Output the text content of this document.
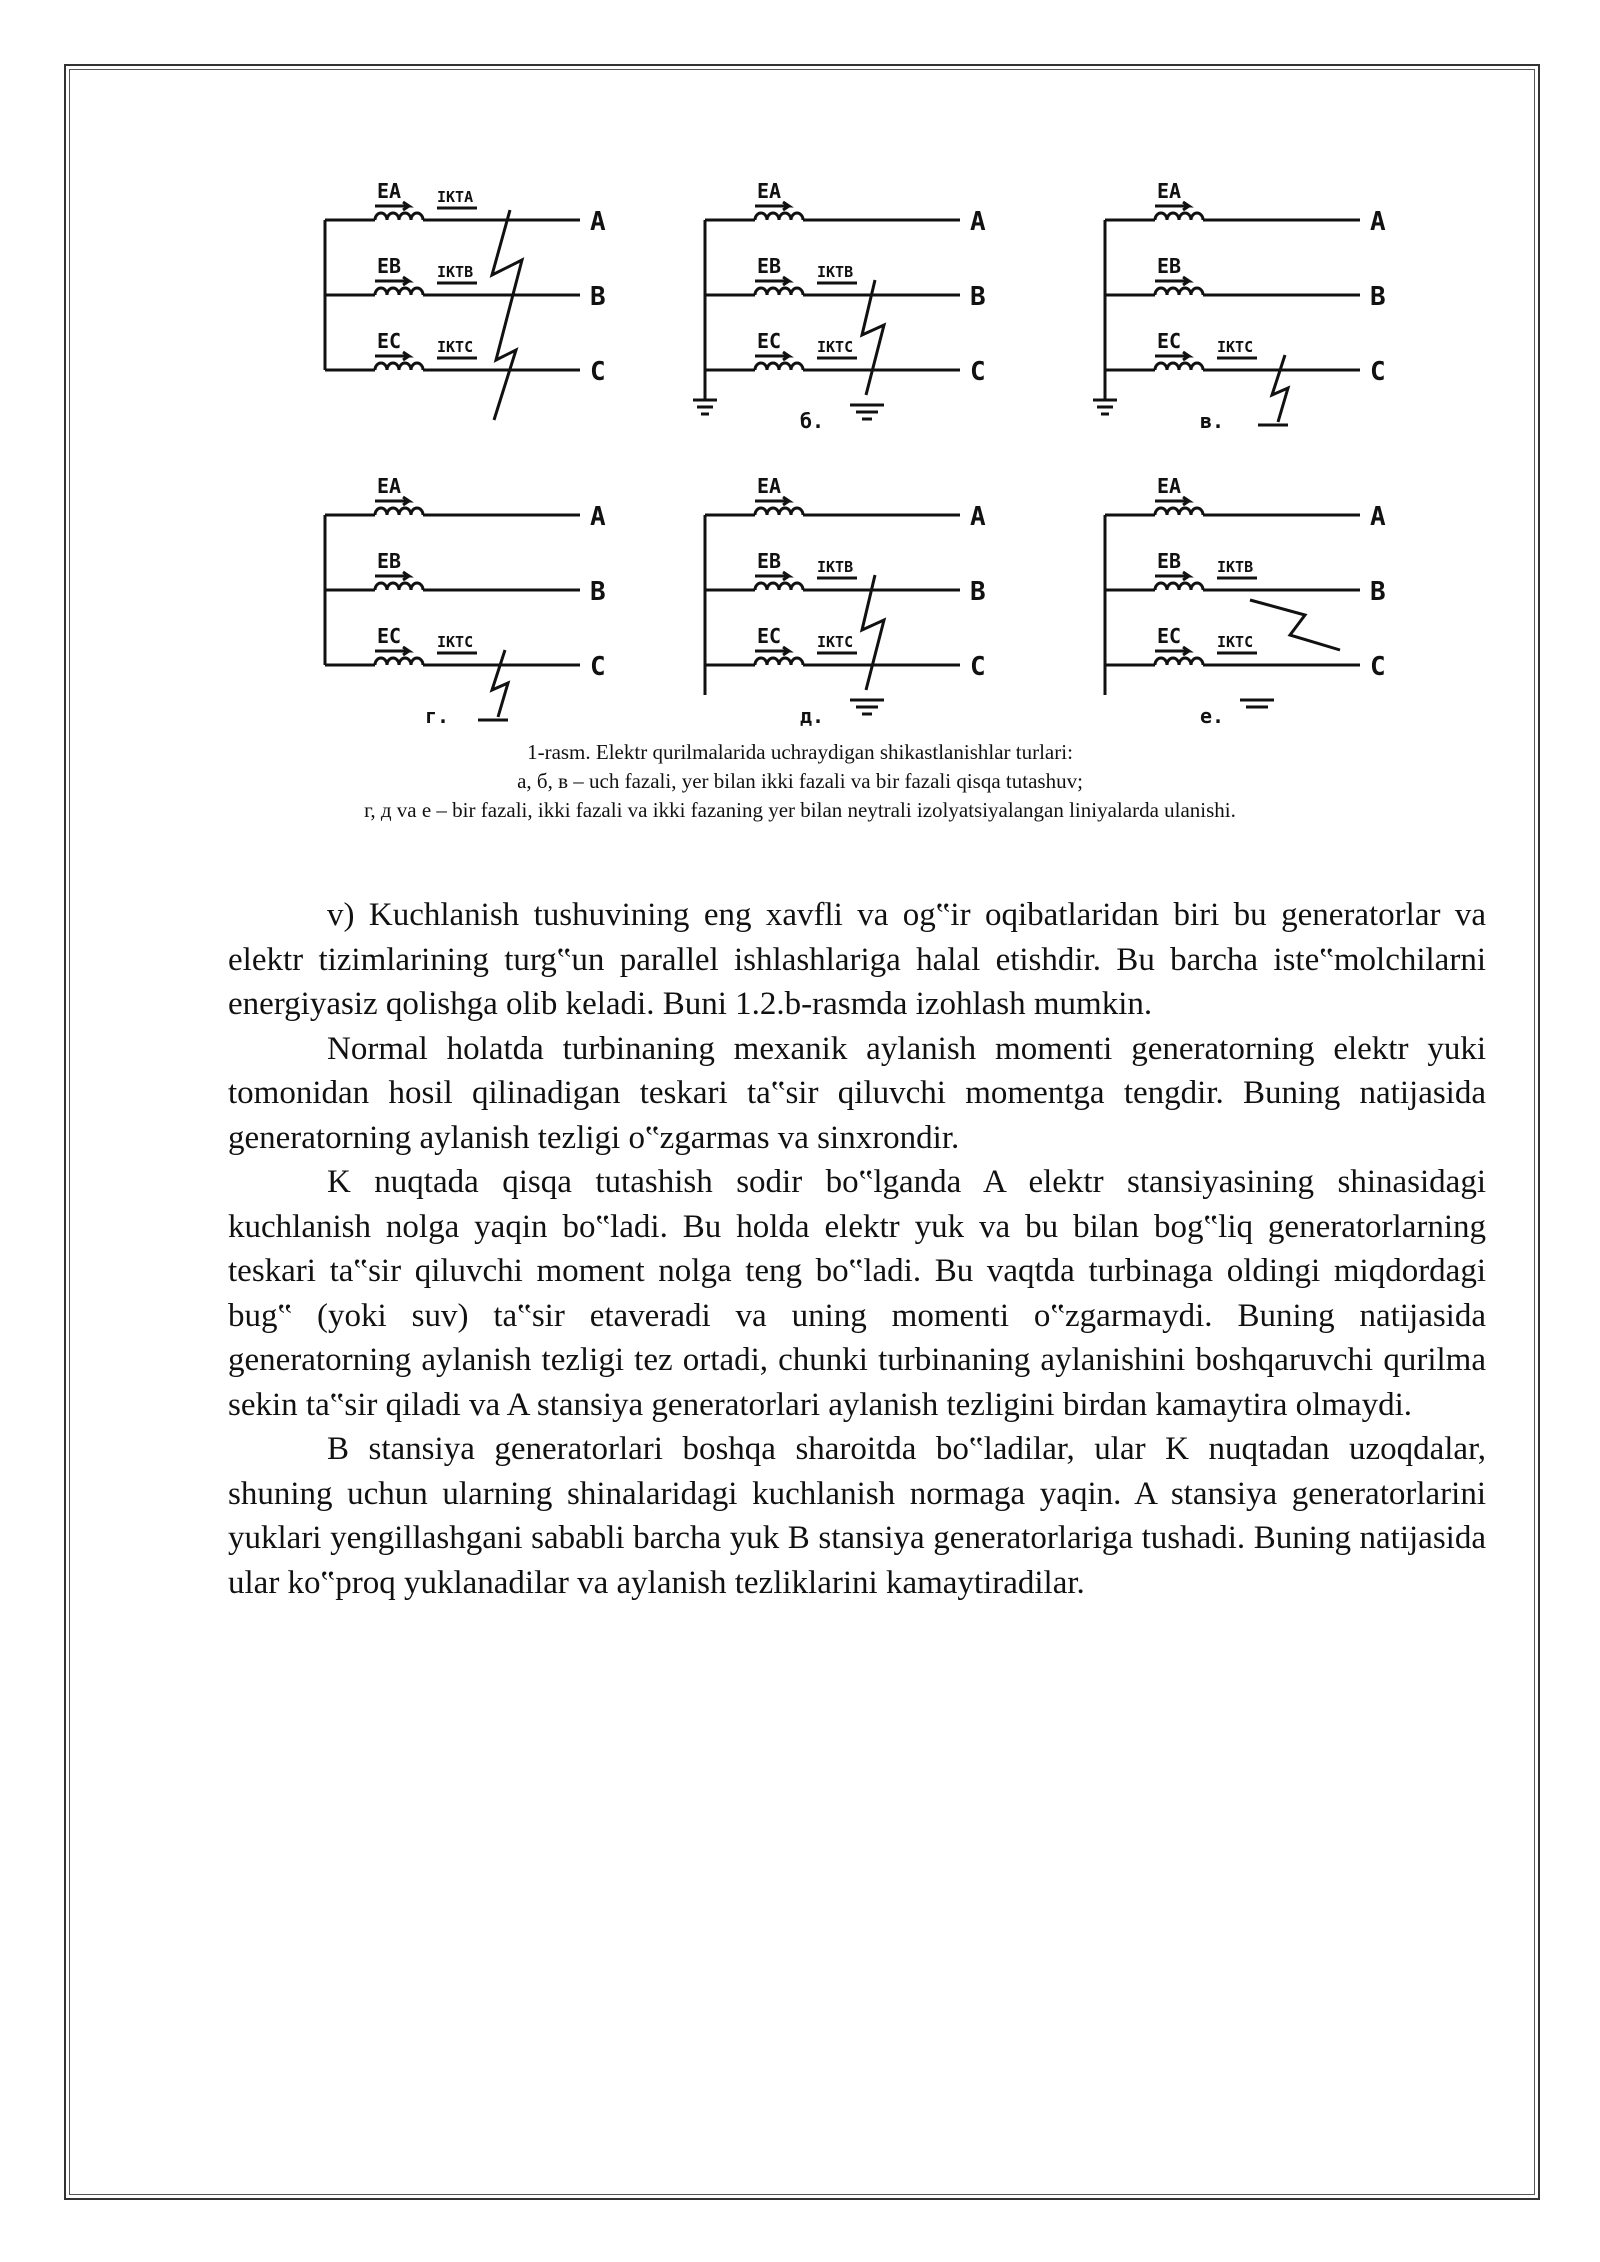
EA IKTA
A
EB IKTB
B
EC IKTC
C
EA
A
EB IKTB
B
EC IKTC
C
б.
EA
A
EB
B
EC IKTC
C
в.
EA
A
EB
B
EC IKTC
C
г.
EA
A
EB IKTB
B
EC IKTC
C
д.
EA
A
EB IKTB
B
EC IKTC
C
е.
1-rasm. Elektr qurilmalarida uchraydigan shikastlanishlar turlari:
а, б, в – uch fazali, yer bilan ikki fazali va bir fazali qisqa tutashuv;
г, д va е – bir fazali, ikki fazali va ikki fazaning yer bilan neytrali izolyatsiyalangan liniyalarda ulanishi.

v) Kuchlanish tushuvining eng xavfli va og‟ir oqibatlaridan biri bu generatorlar va elektr tizimlarining turg‟un parallel ishlashlariga halal etishdir. Bu barcha iste‟molchilarni energiyasiz qolishga olib keladi. Buni 1.2.b-rasmda izohlash mumkin.

Normal holatda turbinaning mexanik aylanish momenti generatorning elektr yuki tomonidan hosil qilinadigan teskari ta‟sir qiluvchi momentga tengdir. Buning natijasida generatorning aylanish tezligi o‟zgarmas va sinxrondir.

K nuqtada qisqa tutashish sodir bo‟lganda A elektr stansiyasining shinasidagi kuchlanish nolga yaqin bo‟ladi. Bu holda elektr yuk va bu bilan bog‟liq generatorlarning teskari ta‟sir qiluvchi moment nolga teng bo‟ladi. Bu vaqtda turbinaga oldingi miqdordagi bug‟ (yoki suv) ta‟sir etaveradi va uning momenti o‟zgarmaydi. Buning natijasida generatorning aylanish tezligi tez ortadi, chunki turbinaning aylanishini boshqaruvchi qurilma sekin ta‟sir qiladi va A stansiya generatorlari aylanish tezligini birdan kamaytira olmaydi.

B stansiya generatorlari boshqa sharoitda bo‟ladilar, ular K nuqtadan uzoqdalar, shuning uchun ularning shinalaridagi kuchlanish normaga yaqin. A stansiya generatorlarini yuklari yengillashgani sababli barcha yuk B stansiya generatorlariga tushadi. Buning natijasida ular ko‟proq yuklanadilar va aylanish tezliklarini kamaytiradilar.
